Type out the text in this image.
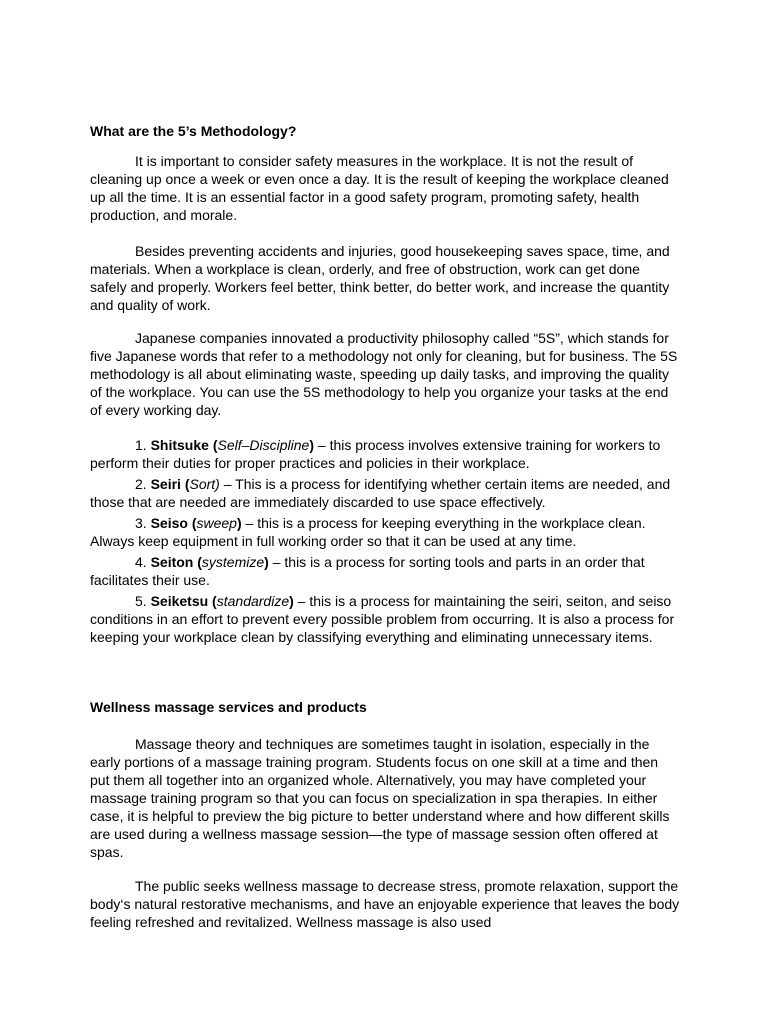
What are the 5’s Methodology?

It is important to consider safety measures in the workplace. It is not the result of cleaning up once a week or even once a day. It is the result of keeping the workplace cleaned up all the time. It is an essential factor in a good safety program, promoting safety, health production, and morale.

Besides preventing accidents and injuries, good housekeeping saves space, time, and materials. When a workplace is clean, orderly, and free of obstruction, work can get done safely and properly. Workers feel better, think better, do better work, and increase the quantity and quality of work.

Japanese companies innovated a productivity philosophy called “5S”, which stands for five Japanese words that refer to a methodology not only for cleaning, but for business. The 5S methodology is all about eliminating waste, speeding up daily tasks, and improving the quality of the workplace. You can use the 5S methodology to help you organize your tasks at the end of every working day.

1. Shitsuke (Self–Discipline) – this process involves extensive training for workers to perform their duties for proper practices and policies in their workplace.

2. Seiri (Sort) – This is a process for identifying whether certain items are needed, and those that are needed are immediately discarded to use space effectively.

3. Seiso (sweep) – this is a process for keeping everything in the workplace clean. Always keep equipment in full working order so that it can be used at any time.

4. Seiton (systemize) – this is a process for sorting tools and parts in an order that facilitates their use.

5. Seiketsu (standardize) – this is a process for maintaining the seiri, seiton, and seiso conditions in an effort to prevent every possible problem from occurring. It is also a process for keeping your workplace clean by classifying everything and eliminating unnecessary items.

Wellness massage services and products

Massage theory and techniques are sometimes taught in isolation, especially in the early portions of a massage training program. Students focus on one skill at a time and then put them all together into an organized whole. Alternatively, you may have completed your massage training program so that you can focus on specialization in spa therapies. In either case, it is helpful to preview the big picture to better understand where and how different skills are used during a wellness massage session—the type of massage session often offered at spas.

The public seeks wellness massage to decrease stress, promote relaxation, support the body‘s natural restorative mechanisms, and have an enjoyable experience that leaves the body feeling refreshed and revitalized. Wellness massage is also used
